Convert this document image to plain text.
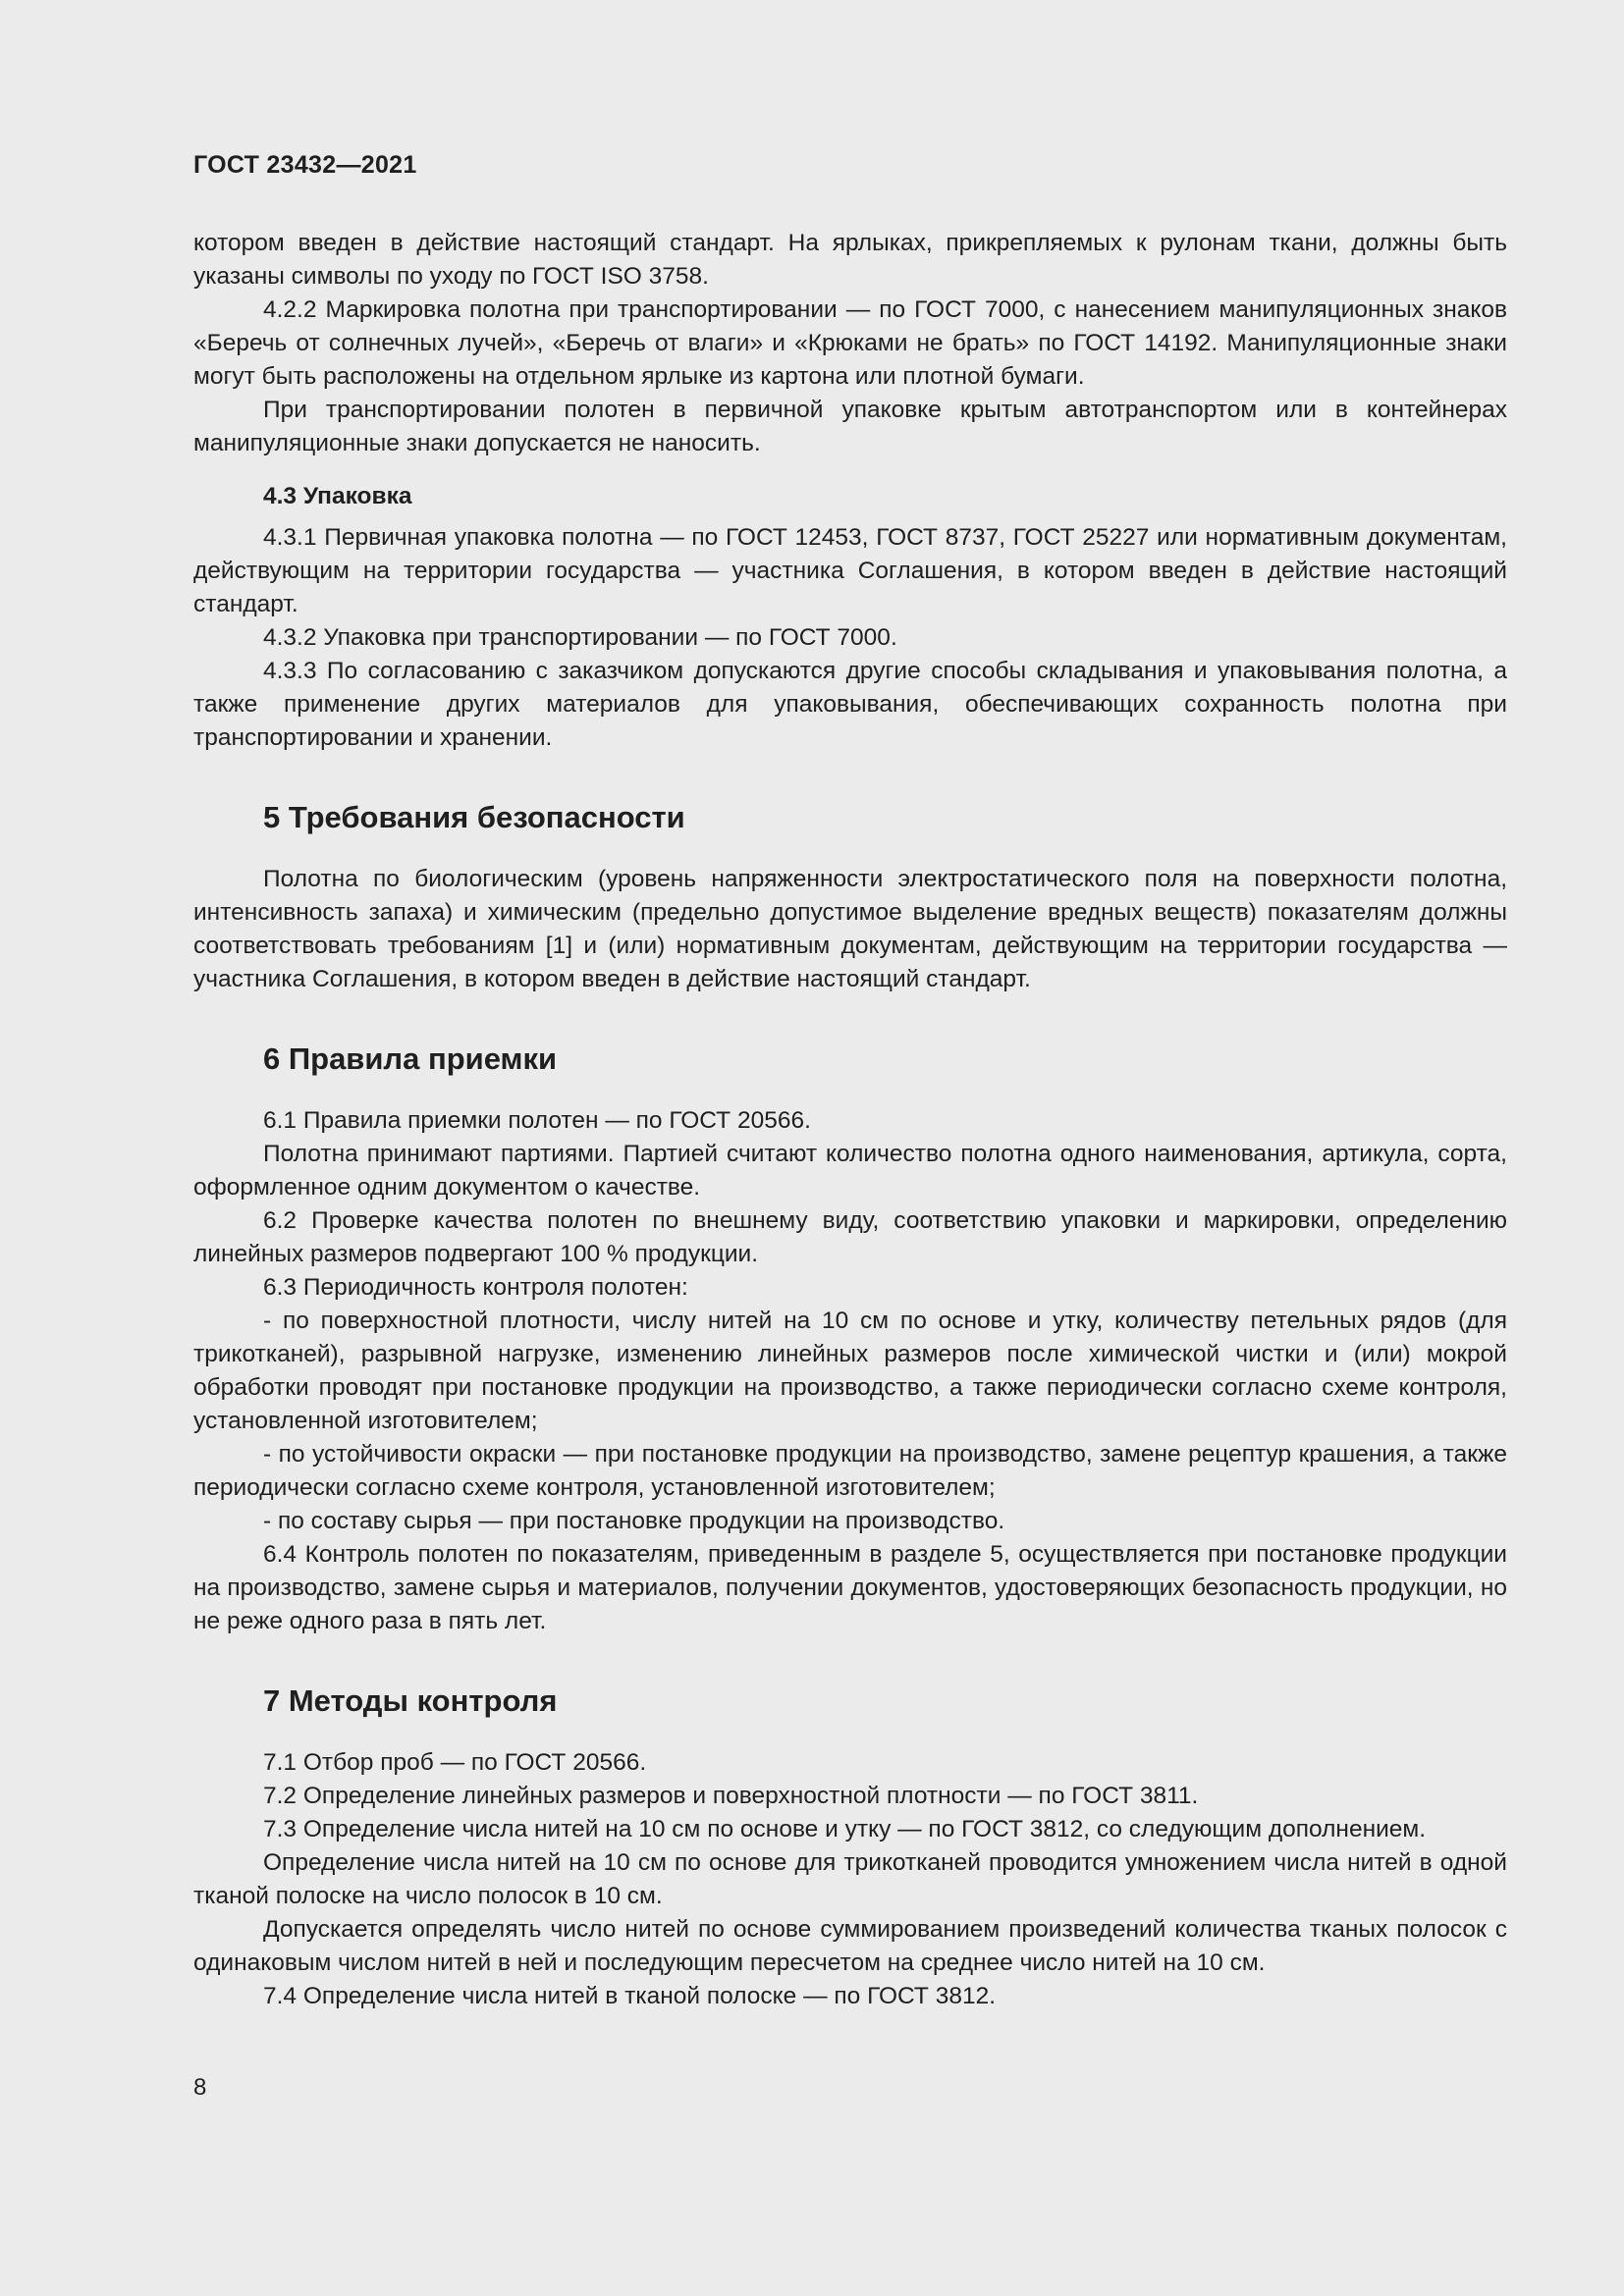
ГОСТ 23432—2021

котором введен в действие настоящий стандарт. На ярлыках, прикрепляемых к рулонам ткани, должны быть указаны символы по уходу по ГОСТ ISO 3758.

4.2.2 Маркировка полотна при транспортировании — по ГОСТ 7000, с нанесением манипуляционных знаков «Беречь от солнечных лучей», «Беречь от влаги» и «Крюками не брать» по ГОСТ 14192. Манипуляционные знаки могут быть расположены на отдельном ярлыке из картона или плотной бумаги.

При транспортировании полотен в первичной упаковке крытым автотранспортом или в контейнерах манипуляционные знаки допускается не наносить.

4.3 Упаковка

4.3.1 Первичная упаковка полотна — по ГОСТ 12453, ГОСТ 8737, ГОСТ 25227 или нормативным документам, действующим на территории государства — участника Соглашения, в котором введен в действие настоящий стандарт.

4.3.2 Упаковка при транспортировании — по ГОСТ 7000.

4.3.3 По согласованию с заказчиком допускаются другие способы складывания и упаковывания полотна, а также применение других материалов для упаковывания, обеспечивающих сохранность полотна при транспортировании и хранении.

5 Требования безопасности

Полотна по биологическим (уровень напряженности электростатического поля на поверхности полотна, интенсивность запаха) и химическим (предельно допустимое выделение вредных веществ) показателям должны соответствовать требованиям [1] и (или) нормативным документам, действующим на территории государства — участника Соглашения, в котором введен в действие настоящий стандарт.

6 Правила приемки

6.1 Правила приемки полотен — по ГОСТ 20566.

Полотна принимают партиями. Партией считают количество полотна одного наименования, артикула, сорта, оформленное одним документом о качестве.

6.2 Проверке качества полотен по внешнему виду, соответствию упаковки и маркировки, определению линейных размеров подвергают 100 % продукции.

6.3 Периодичность контроля полотен:

- по поверхностной плотности, числу нитей на 10 см по основе и утку, количеству петельных рядов (для трикотканей), разрывной нагрузке, изменению линейных размеров после химической чистки и (или) мокрой обработки проводят при постановке продукции на производство, а также периодически согласно схеме контроля, установленной изготовителем;

- по устойчивости окраски — при постановке продукции на производство, замене рецептур крашения, а также периодически согласно схеме контроля, установленной изготовителем;

- по составу сырья — при постановке продукции на производство.

6.4 Контроль полотен по показателям, приведенным в разделе 5, осуществляется при постановке продукции на производство, замене сырья и материалов, получении документов, удостоверяющих безопасность продукции, но не реже одного раза в пять лет.

7 Методы контроля

7.1 Отбор проб — по ГОСТ 20566.

7.2 Определение линейных размеров и поверхностной плотности — по ГОСТ 3811.

7.3 Определение числа нитей на 10 см по основе и утку — по ГОСТ 3812, со следующим дополнением.

Определение числа нитей на 10 см по основе для трикотканей проводится умножением числа нитей в одной тканой полоске на число полосок в 10 см.

Допускается определять число нитей по основе суммированием произведений количества тканых полосок с одинаковым числом нитей в ней и последующим пересчетом на среднее число нитей на 10 см.

7.4 Определение числа нитей в тканой полоске — по ГОСТ 3812.

8
